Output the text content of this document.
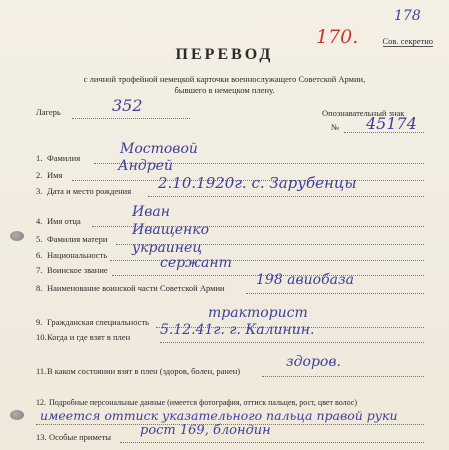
178
170.	Сов. секретно
ПЕРЕВОД
с личной трофейной немецкой карточки военнослужащего Советской Армии,
бывшего в немецком плену.
Лагерь	352	Опознавательный знак
№ 45174
1. Фамилия
Мостовой
2. Имя
Андрей
3. Дата и место рождения 2.10.1920г. с. Зарубенцы
4. Имя отца
Иван
5. Фамилия матери
Иващенко
6. Национальность украинец
7. Воинское звание	сержант
8. Наименование воинской части Советской Армии 198 авиобаза
9. Гражданская специальность
тракторист
10. Когда и где взят в плен 5.12.41г. г. Калинин.
11. В каком состоянии взят в плен (здоров, болен, ранен)
здоров.
12. Подробные персональные данные (имеется фотография, оттиск пальцев, рост, цвет волос)
имеется оттиск указательного пальца правой руки
13. Особые приметы рост 169, блондин
